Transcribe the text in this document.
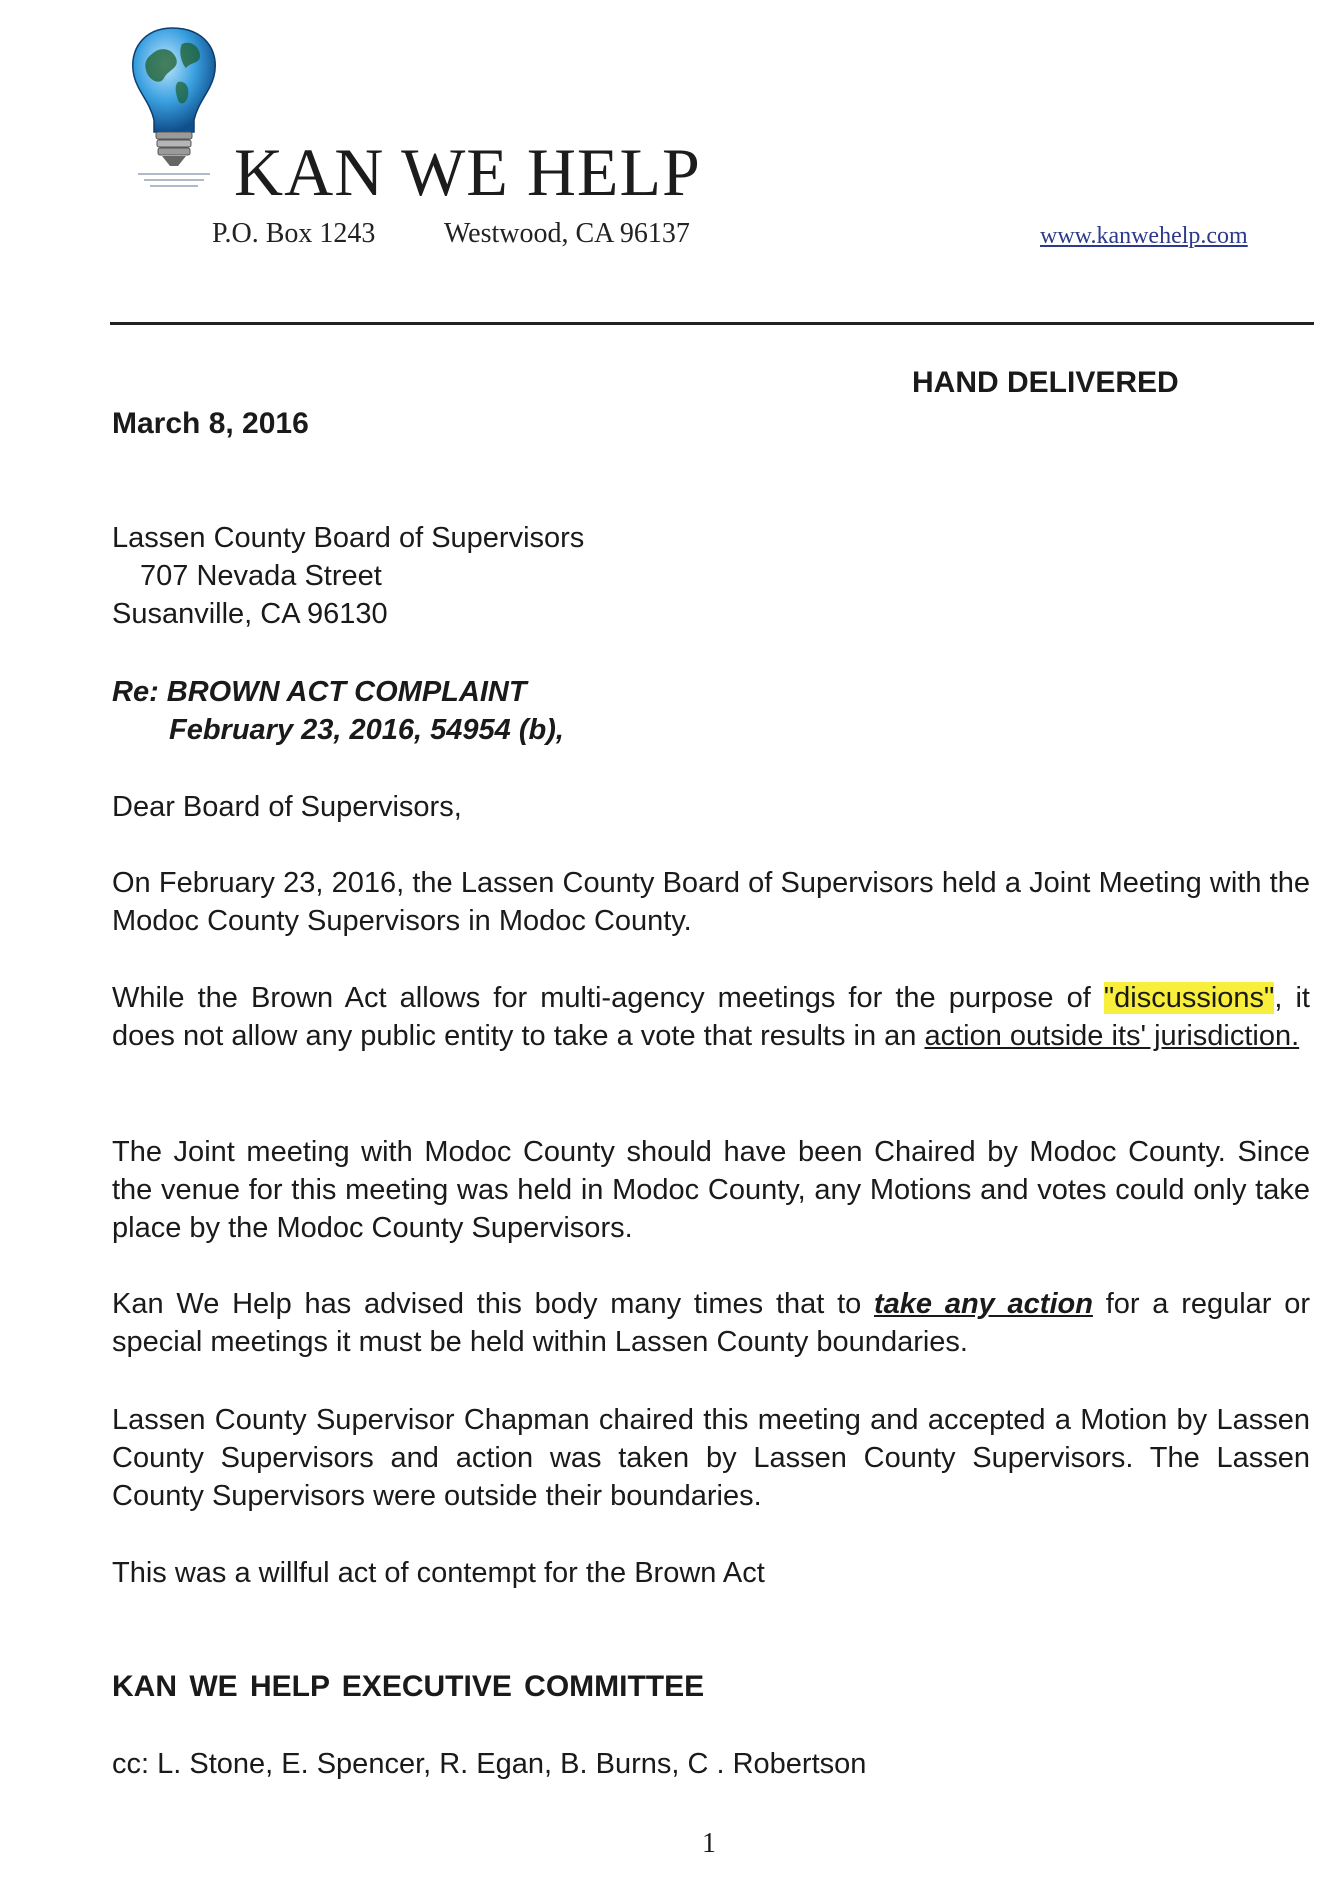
KAN WE HELP
P.O. Box 1243 Westwood, CA 96137	www.kanwehelp.com
HAND DELIVERED
March 8, 2016
Lassen County Board of Supervisors
707 Nevada Street
Susanville, CA 96130
Re: BROWN ACT COMPLAINT
February 23, 2016, 54954 (b),
Dear Board of Supervisors,
On February 23, 2016, the Lassen County Board of Supervisors held a Joint Meeting with the Modoc County Supervisors in Modoc County.
While the Brown Act allows for multi-agency meetings for the purpose of "discussions", it does not allow any public entity to take a vote that results in an action outside its' jurisdiction.
The Joint meeting with Modoc County should have been Chaired by Modoc County. Since the venue for this meeting was held in Modoc County, any Motions and votes could only take place by the Modoc County Supervisors.
Kan We Help has advised this body many times that to take any action for a regular or special meetings it must be held within Lassen County boundaries.
Lassen County Supervisor Chapman chaired this meeting and accepted a Motion by Lassen County Supervisors and action was taken by Lassen County Supervisors. The Lassen County Supervisors were outside their boundaries.
This was a willful act of contempt for the Brown Act
KAN WE HELP EXECUTIVE COMMITTEE
cc: L. Stone, E. Spencer, R. Egan, B. Burns, C . Robertson
1
